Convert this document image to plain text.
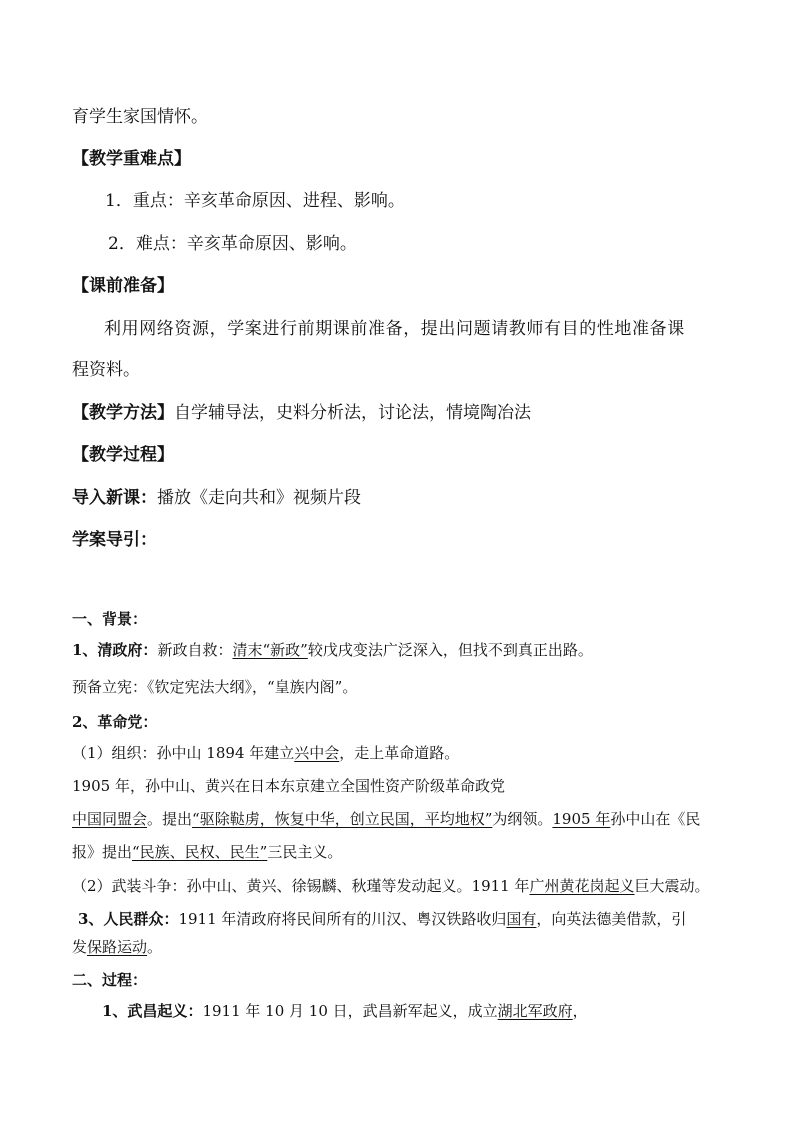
育学生家国情怀。
【教学重难点】
1．重点：辛亥革命原因、进程、影响。
2．难点：辛亥革命原因、影响。
【课前准备】
利用网络资源，学案进行前期课前准备，提出问题请教师有目的性地准备课
程资料。
【教学方法】自学辅导法，史料分析法，讨论法，情境陶冶法
【教学过程】
导入新课：播放《走向共和》视频片段
学案导引：
一、背景：
1、清政府：新政自救：清末“新政”较戊戌变法广泛深入，但找不到真正出路。
预备立宪：《钦定宪法大纲》，“皇族内阁”。
2、革命党：
（1）组织：孙中山 1894 年建立兴中会，走上革命道路。
1905 年，孙中山、黄兴在日本东京建立全国性资产阶级革命政党
中国同盟会。提出“驱除鞑虏，恢复中华，创立民国，平均地权”为纲领。1905 年孙中山在《民
报》提出“民族、民权、民生”三民主义。
（2）武装斗争：孙中山、黄兴、徐锡麟、秋瑾等发动起义。1911 年广州黄花岗起义巨大震动。
3、人民群众：1911 年清政府将民间所有的川汉、粤汉铁路收归国有，向英法德美借款，引
发保路运动。
二、过程：
1、武昌起义：1911 年 10 月 10 日，武昌新军起义，成立湖北军政府，
